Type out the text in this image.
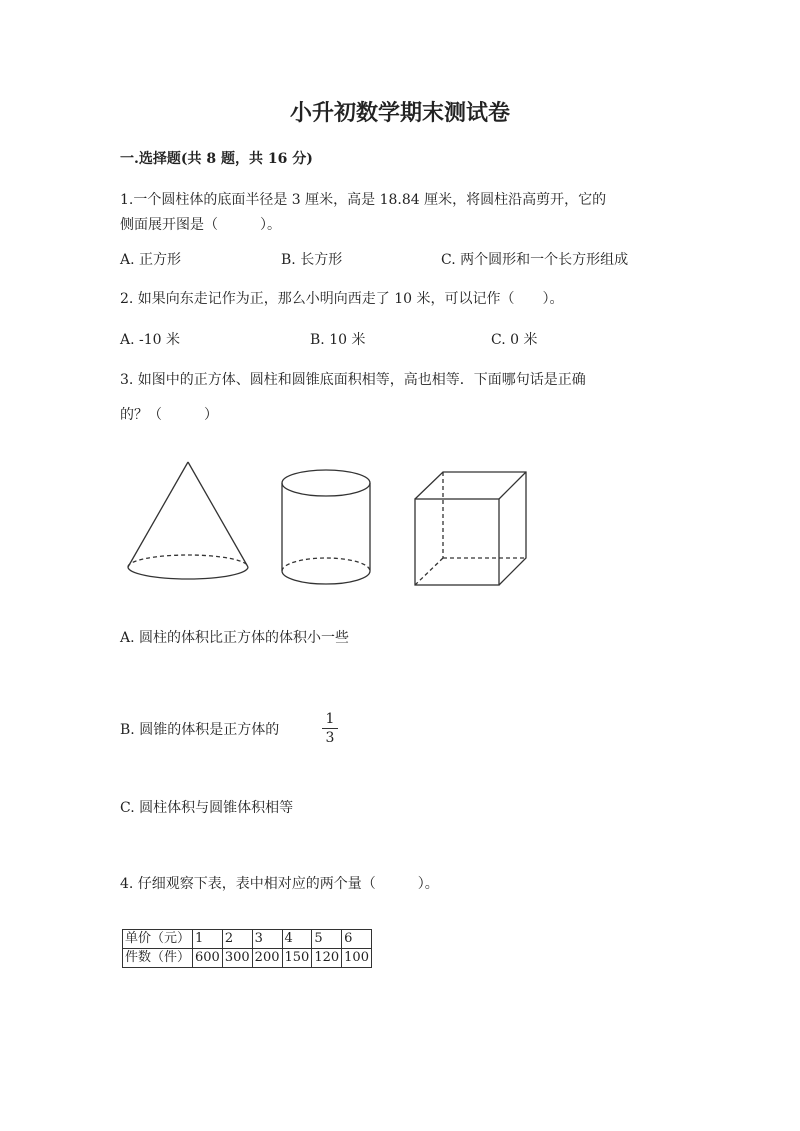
小升初数学期末测试卷
一.选择题(共 8 题，共 16 分)
1.一个圆柱体的底面半径是 3 厘米，高是 18.84 厘米，将圆柱沿高剪开，它的
侧面展开图是（　　　）。
A. 正方形	B. 长方形	C. 两个圆形和一个长方形组成
2. 如果向东走记作为正，那么小明向西走了 10 米，可以记作（　　）。
A. -10 米	B. 10 米	C. 0 米
3. 如图中的正方体、圆柱和圆锥底面积相等，高也相等．下面哪句话是正确
的？（　　　）
A. 圆柱的体积比正方体的体积小一些
B. 圆锥的体积是正方体的
1
3
C. 圆柱体积与圆锥体积相等
4. 仔细观察下表，表中相对应的两个量（　　　）。
单价（元）	1	2	3	4	5	6
件数（件）	600	300	200	150	120	100
